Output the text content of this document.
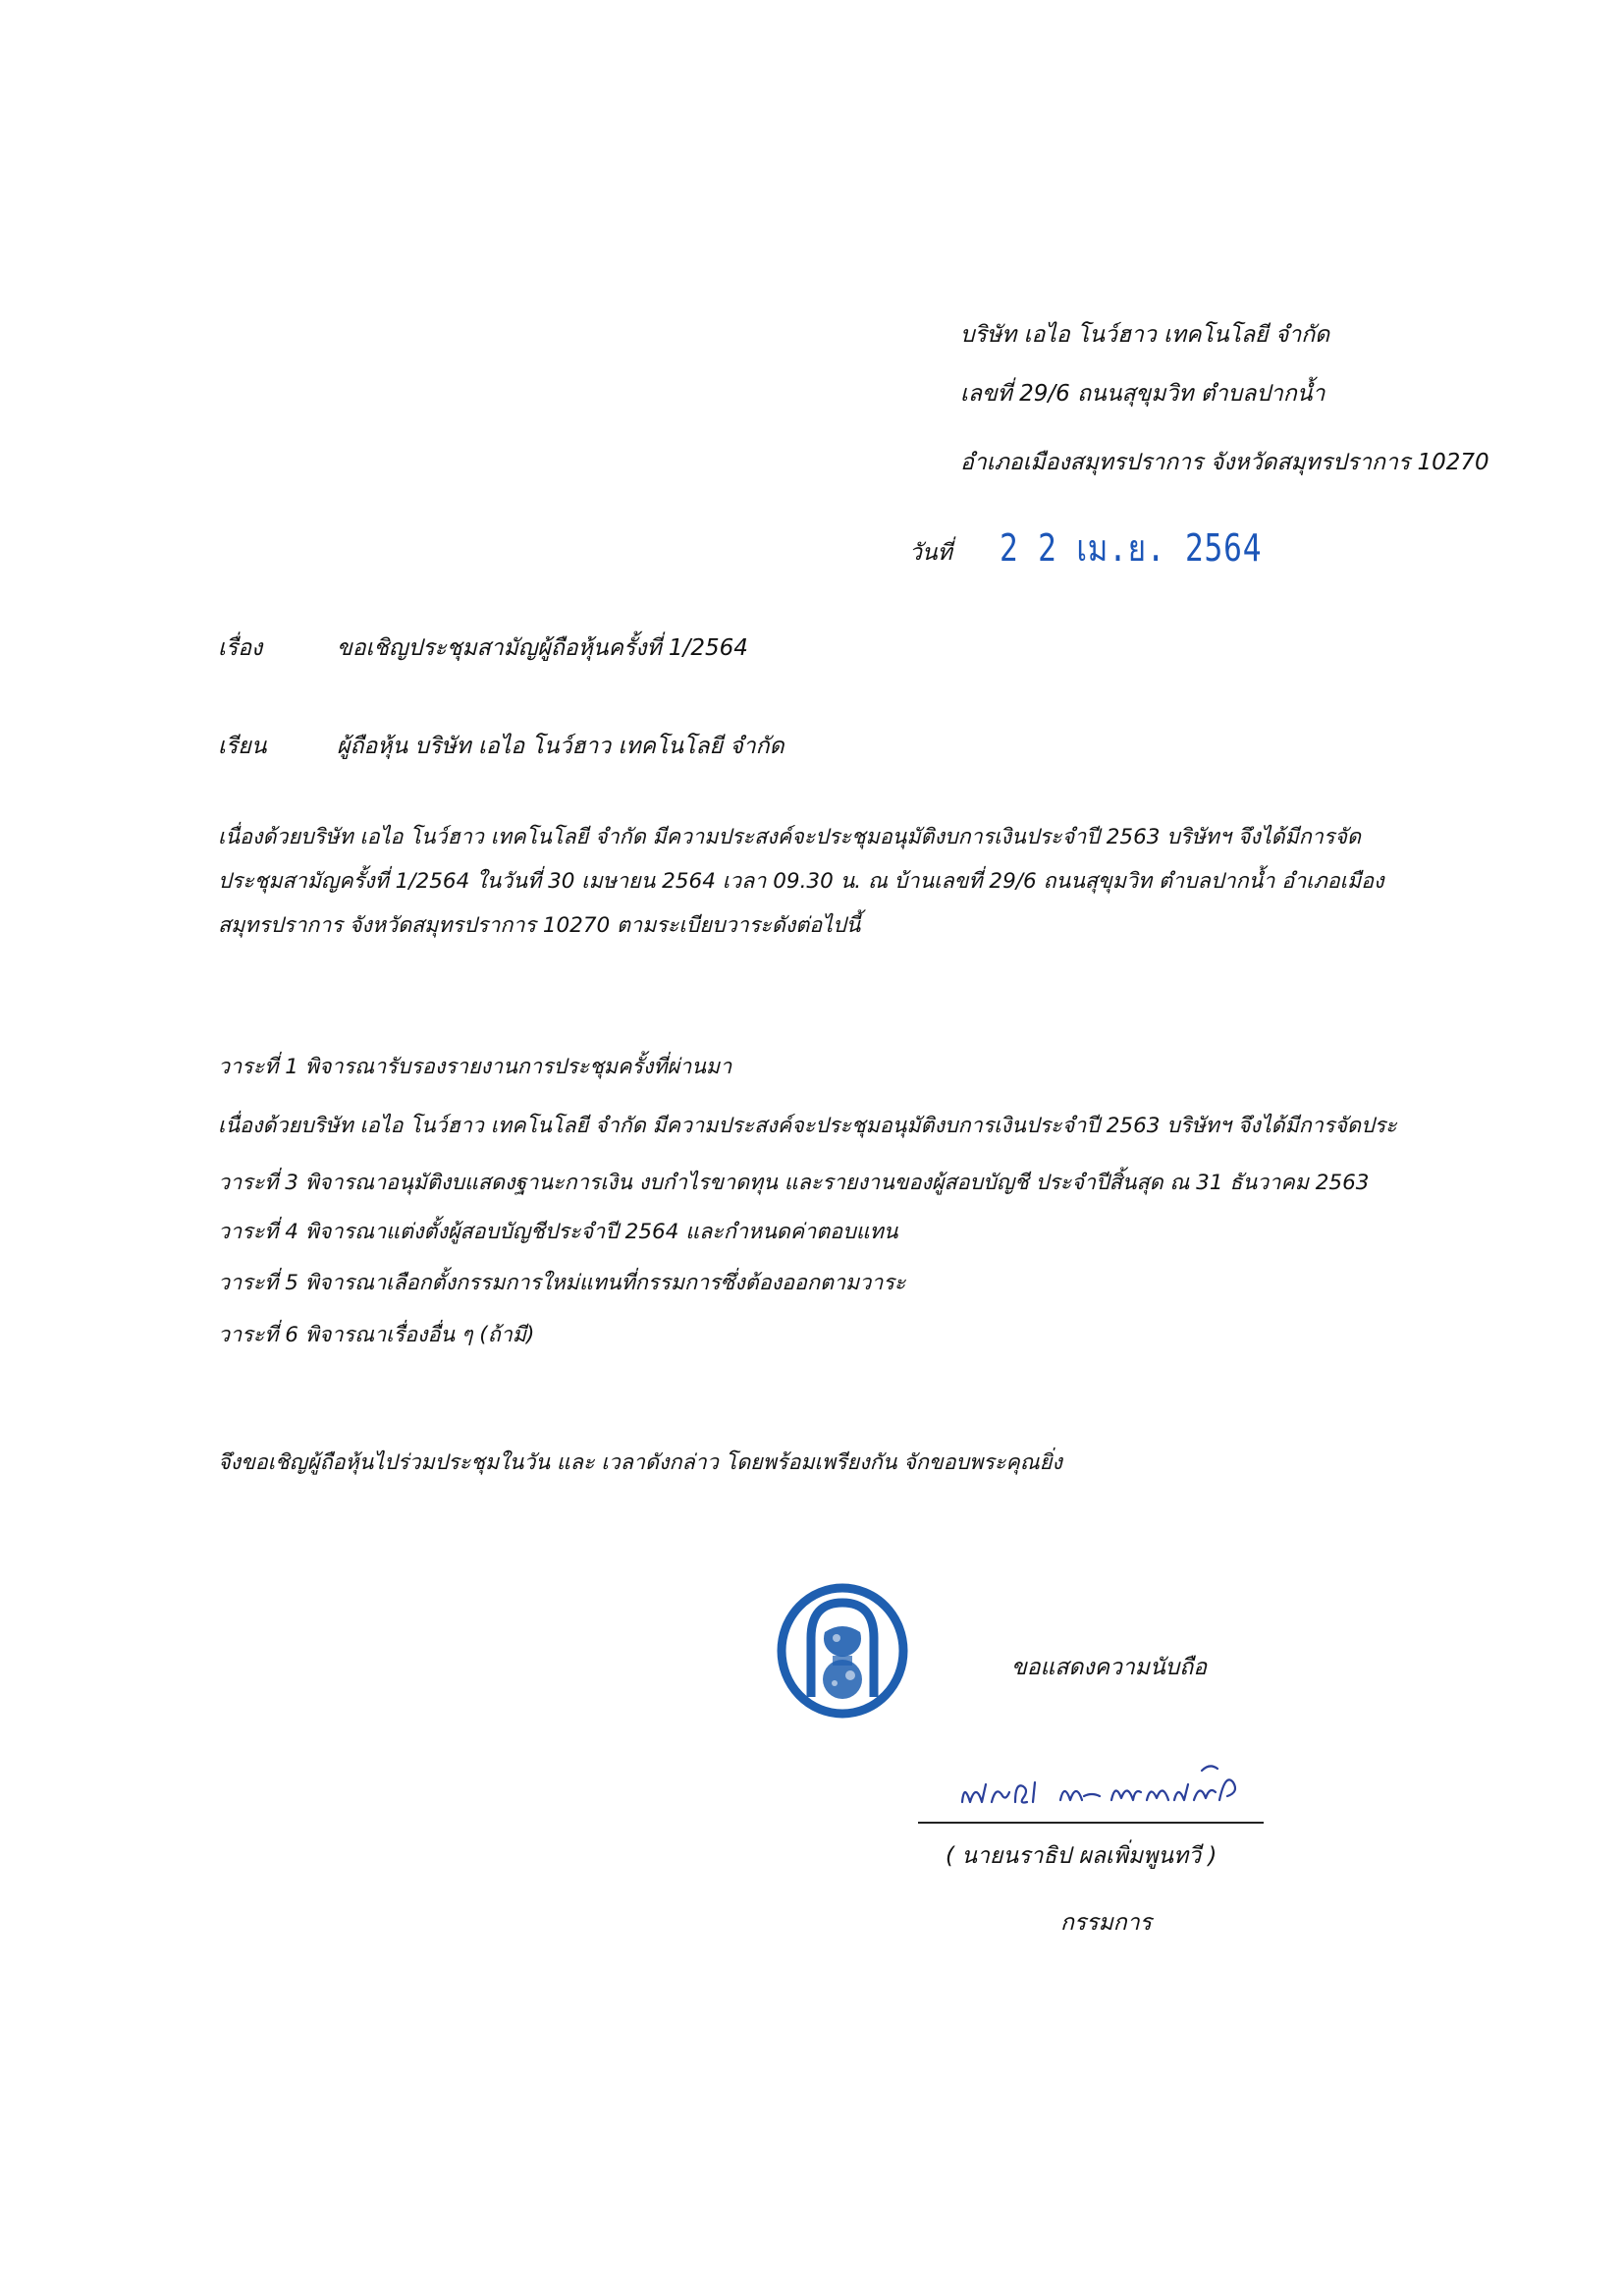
บริษัท เอไอ โนว์ฮาว เทคโนโลยี จำกัด
เลขที่ 29/6 ถนนสุขุมวิท ตำบลปากน้ำ
อำเภอเมืองสมุทรปราการ จังหวัดสมุทรปราการ 10270
วันที่ 2 2 เม.ย. 2564
เรื่อง	ขอเชิญประชุมสามัญผู้ถือหุ้นครั้งที่ 1/2564
เรียน	ผู้ถือหุ้น บริษัท เอไอ โนว์ฮาว เทคโนโลยี จำกัด
เนื่องด้วยบริษัท เอไอ โนว์ฮาว เทคโนโลยี จำกัด มีความประสงค์จะประชุมอนุมัติงบการเงินประจำปี 2563 บริษัทฯ จึงได้มีการจัด
ประชุมสามัญครั้งที่ 1/2564 ในวันที่ 30 เมษายน 2564 เวลา 09.30 น. ณ บ้านเลขที่ 29/6 ถนนสุขุมวิท ตำบลปากน้ำ อำเภอเมือง
สมุทรปราการ จังหวัดสมุทรปราการ 10270 ตามระเบียบวาระดังต่อไปนี้
วาระที่ 1 พิจารณารับรองรายงานการประชุมครั้งที่ผ่านมา
เนื่องด้วยบริษัท เอไอ โนว์ฮาว เทคโนโลยี จำกัด มีความประสงค์จะประชุมอนุมัติงบการเงินประจำปี 2563 บริษัทฯ จึงได้มีการจัดประ
วาระที่ 3 พิจารณาอนุมัติงบแสดงฐานะการเงิน งบกำไรขาดทุน และรายงานของผู้สอบบัญชี ประจำปีสิ้นสุด ณ 31 ธันวาคม 2563
วาระที่ 4 พิจารณาแต่งตั้งผู้สอบบัญชีประจำปี 2564 และกำหนดค่าตอบแทน
วาระที่ 5 พิจารณาเลือกตั้งกรรมการใหม่แทนที่กรรมการซึ่งต้องออกตามวาระ
วาระที่ 6 พิจารณาเรื่องอื่น ๆ (ถ้ามี)
จึงขอเชิญผู้ถือหุ้นไปร่วมประชุมในวัน และ เวลาดังกล่าว โดยพร้อมเพรียงกัน จักขอบพระคุณยิ่ง
ขอแสดงความนับถือ
( นายนราธิป ผลเพิ่มพูนทวี )
กรรมการ
